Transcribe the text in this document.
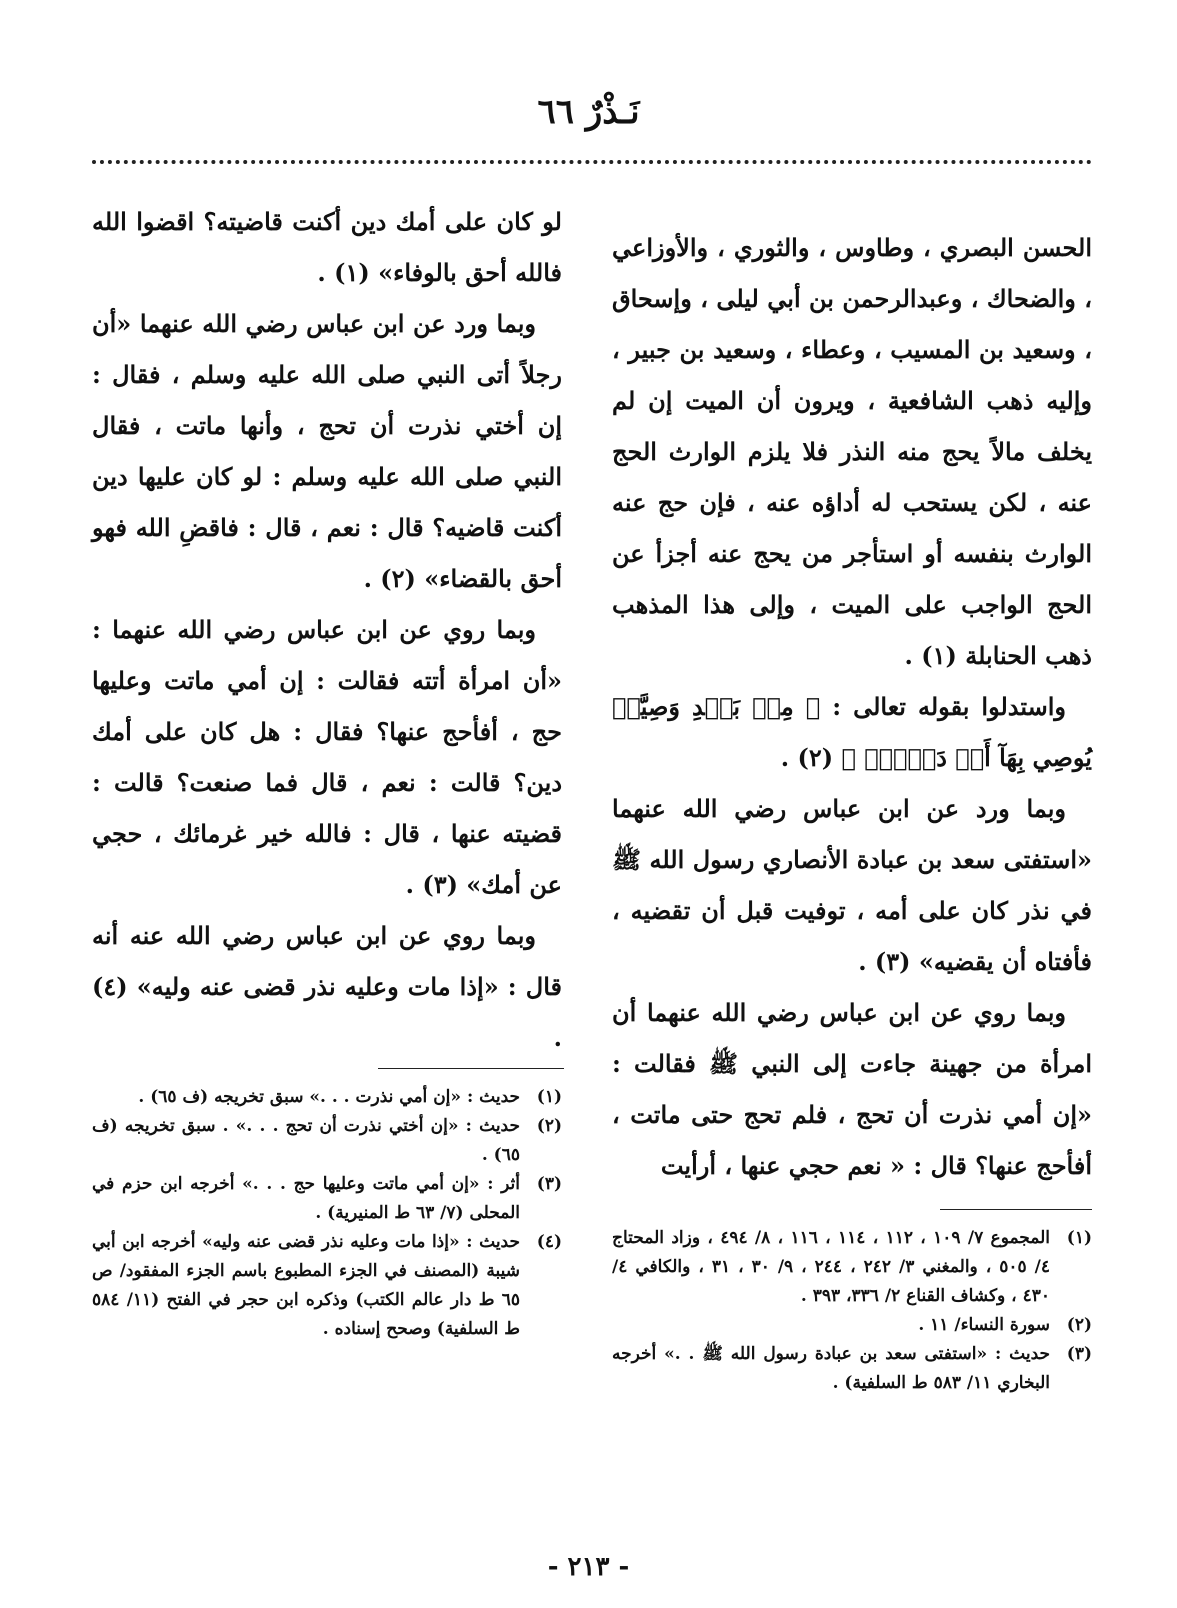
نَـذْرٌ ٦٦

الحسن البصري ، وطاوس ، والثوري ، والأوزاعي ، والضحاك ، وعبدالرحمن بن أبي ليلى ، وإسحاق ، وسعيد بن المسيب ، وعطاء ، وسعيد بن جبير ، وإليه ذهب الشافعية ، ويرون أن الميت إن لم يخلف مالاً يحج منه النذر فلا يلزم الوارث الحج عنه ، لكن يستحب له أداؤه عنه ، فإن حج عنه الوارث بنفسه أو استأجر من يحج عنه أجزأ عن الحج الواجب على الميت ، وإلى هذا المذهب ذهب الحنابلة (١) .

واستدلوا بقوله تعالى : ﴿ مِنۢ بَعۡدِ وَصِيَّةٖ يُوصِي بِهَآ أَوۡ دَيۡنٍۗ ﴾ (٢) .

وبما ورد عن ابن عباس رضي الله عنهما «استفتى سعد بن عبادة الأنصاري رسول الله ﷺ في نذر كان على أمه ، توفيت قبل أن تقضيه ، فأفتاه أن يقضيه» (٣) .

وبما روي عن ابن عباس رضي الله عنهما أن امرأة من جهينة جاءت إلى النبي ﷺ فقالت : «إن أمي نذرت أن تحج ، فلم تحج حتى ماتت ، أفأحج عنها؟ قال : « نعم حجي عنها ، أرأيت

لو كان على أمك دين أكنت قاضيته؟ اقضوا الله فالله أحق بالوفاء» (١) .

وبما ورد عن ابن عباس رضي الله عنهما «أن رجلاً أتى النبي صلى الله عليه وسلم ، فقال : إن أختي نذرت أن تحج ، وأنها ماتت ، فقال النبي صلى الله عليه وسلم : لو كان عليها دين أكنت قاضيه؟ قال : نعم ، قال : فاقضِ الله فهو أحق بالقضاء» (٢) .

وبما روي عن ابن عباس رضي الله عنهما : «أن امرأة أتته فقالت : إن أمي ماتت وعليها حج ، أفأحج عنها؟ فقال : هل كان على أمك دين؟ قالت : نعم ، قال فما صنعت؟ قالت : قضيته عنها ، قال : فالله خير غرمائك ، حجي عن أمك» (٣) .

وبما روي عن ابن عباس رضي الله عنه أنه قال : «إذا مات وعليه نذر قضى عنه وليه» (٤) .

(١)
المجموع ٧/ ١٠٩ ، ١١٢ ، ١١٤ ، ١١٦ ، ٨/ ٤٩٤ ، وزاد المحتاج ٤/ ٥٠٥ ، والمغني ٣/ ٢٤٢ ، ٢٤٤ ، ٩/ ٣٠ ، ٣١ ، والكافي ٤/ ٤٣٠ ، وكشاف القناع ٢/ ٣٣٦، ٣٩٣ .
(٢)
سورة النساء/ ١١ .
(٣)
حديث : «استفتى سعد بن عبادة رسول الله ﷺ . .» أخرجه البخاري ١١/ ٥٨٣ ط السلفية) .
(١)
حديث : «إن أمي نذرت . . .» سبق تخريجه (ف ٦٥) .
(٢)
حديث : «إن أختي نذرت أن تحج . . .» . سبق تخريجه (ف ٦٥) .
(٣)
أثر : «إن أمي ماتت وعليها حج . . .» أخرجه ابن حزم في المحلى (٧/ ٦٣ ط المنيرية) .
(٤)
حديث : «إذا مات وعليه نذر قضى عنه وليه» أخرجه ابن أبي شيبة (المصنف في الجزء المطبوع باسم الجزء المفقود/ ص ٦٥ ط دار عالم الكتب) وذكره ابن حجر في الفتح (١١/ ٥٨٤ ط السلفية) وصحح إسناده .
- ٢١٣ -
